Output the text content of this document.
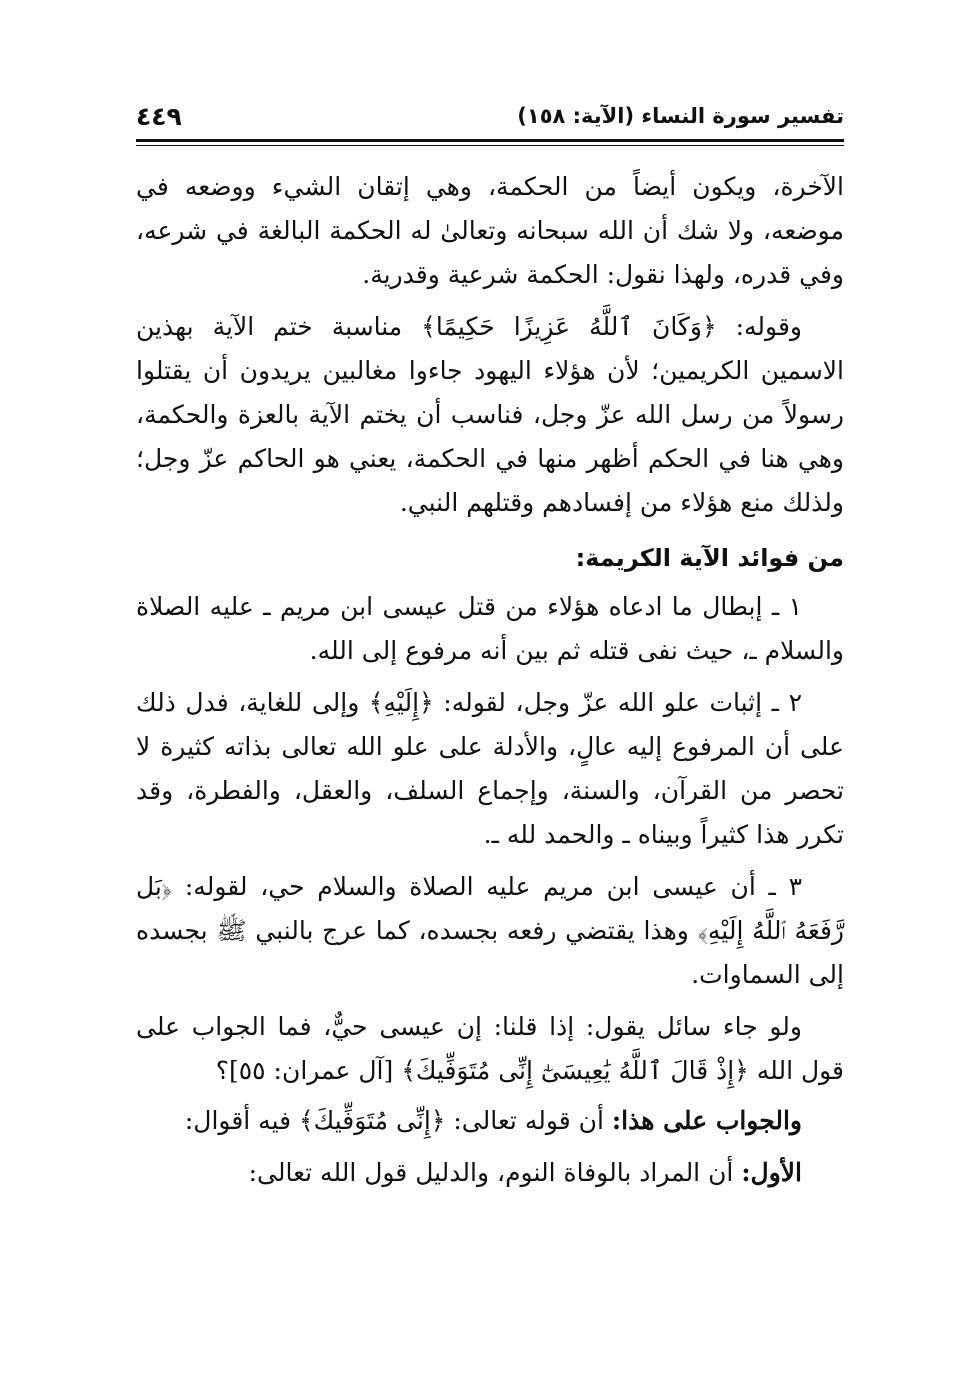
تفسير سورة النساء (الآية: ١٥٨)
٤٤٩

الآخرة، ويكون أيضاً من الحكمة، وهي إتقان الشيء ووضعه في موضعه، ولا شك أن الله سبحانه وتعالىٰ له الحكمة البالغة في شرعه، وفي قدره، ولهذا نقول: الحكمة شرعية وقدرية.

وقوله: ﴿وَكَانَ ٱللَّهُ عَزِيزًا حَكِيمًا﴾ مناسبة ختم الآية بهذين الاسمين الكريمين؛ لأن هؤلاء اليهود جاءوا مغالبين يريدون أن يقتلوا رسولاً من رسل الله عزّ وجل، فناسب أن يختم الآية بالعزة والحكمة، وهي هنا في الحكم أظهر منها في الحكمة، يعني هو الحاكم عزّ وجل؛ ولذلك منع هؤلاء من إفسادهم وقتلهم النبي.

من فوائد الآية الكريمة:

١ ـ إبطال ما ادعاه هؤلاء من قتل عيسى ابن مريم ـ عليه الصلاة والسلام ـ، حيث نفى قتله ثم بين أنه مرفوع إلى الله.

٢ ـ إثبات علو الله عزّ وجل، لقوله: ﴿إِلَيْهِ﴾ وإلى للغاية، فدل ذلك على أن المرفوع إليه عالٍ، والأدلة على علو الله تعالى بذاته كثيرة لا تحصر من القرآن، والسنة، وإجماع السلف، والعقل، والفطرة، وقد تكرر هذا كثيراً وبيناه ـ والحمد لله ـ.

٣ ـ أن عيسى ابن مريم عليه الصلاة والسلام حي، لقوله: ﴿بَل رَّفَعَهُ ٱللَّهُ إِلَيْهِ﴾ وهذا يقتضي رفعه بجسده، كما عرج بالنبي ﷺ بجسده إلى السماوات.

ولو جاء سائل يقول: إذا قلنا: إن عيسى حيٌّ، فما الجواب على قول الله ﴿إِذْ قَالَ ٱللَّهُ يَٰعِيسَىٰٓ إِنِّى مُتَوَفِّيكَ﴾ [آل عمران: ٥٥]؟

والجواب على هذا: أن قوله تعالى: ﴿إِنِّى مُتَوَفِّيكَ﴾ فيه أقوال:

الأول: أن المراد بالوفاة النوم، والدليل قول الله تعالى:
